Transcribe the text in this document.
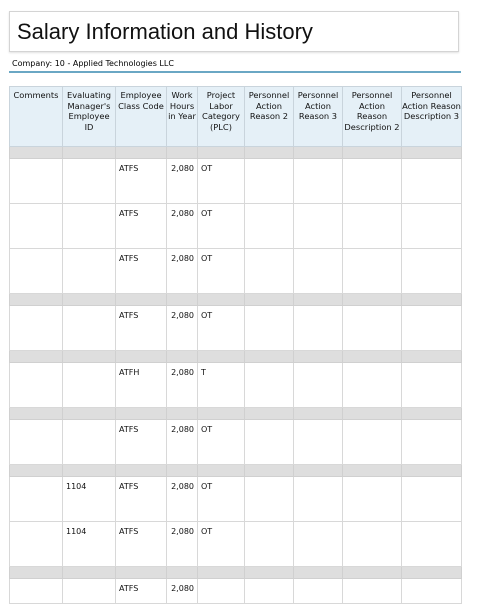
Salary Information and History
Company: 10 - Applied Technologies LLC
Comments	Evaluating Manager's Employee ID	Employee Class Code	Work Hours in Year	Project Labor Category (PLC)	Personnel Action Reason 2	Personnel Action Reason 3	Personnel Action Reason Description 2	Personnel Action Reason Description 3

		ATFS	2,080	OT				
		ATFS	2,080	OT				
		ATFS	2,080	OT				

		ATFS	2,080	OT				

		ATFH	2,080	T				

		ATFS	2,080	OT				

	1104	ATFS	2,080	OT				
	1104	ATFS	2,080	OT				

		ATFS	2,080					
